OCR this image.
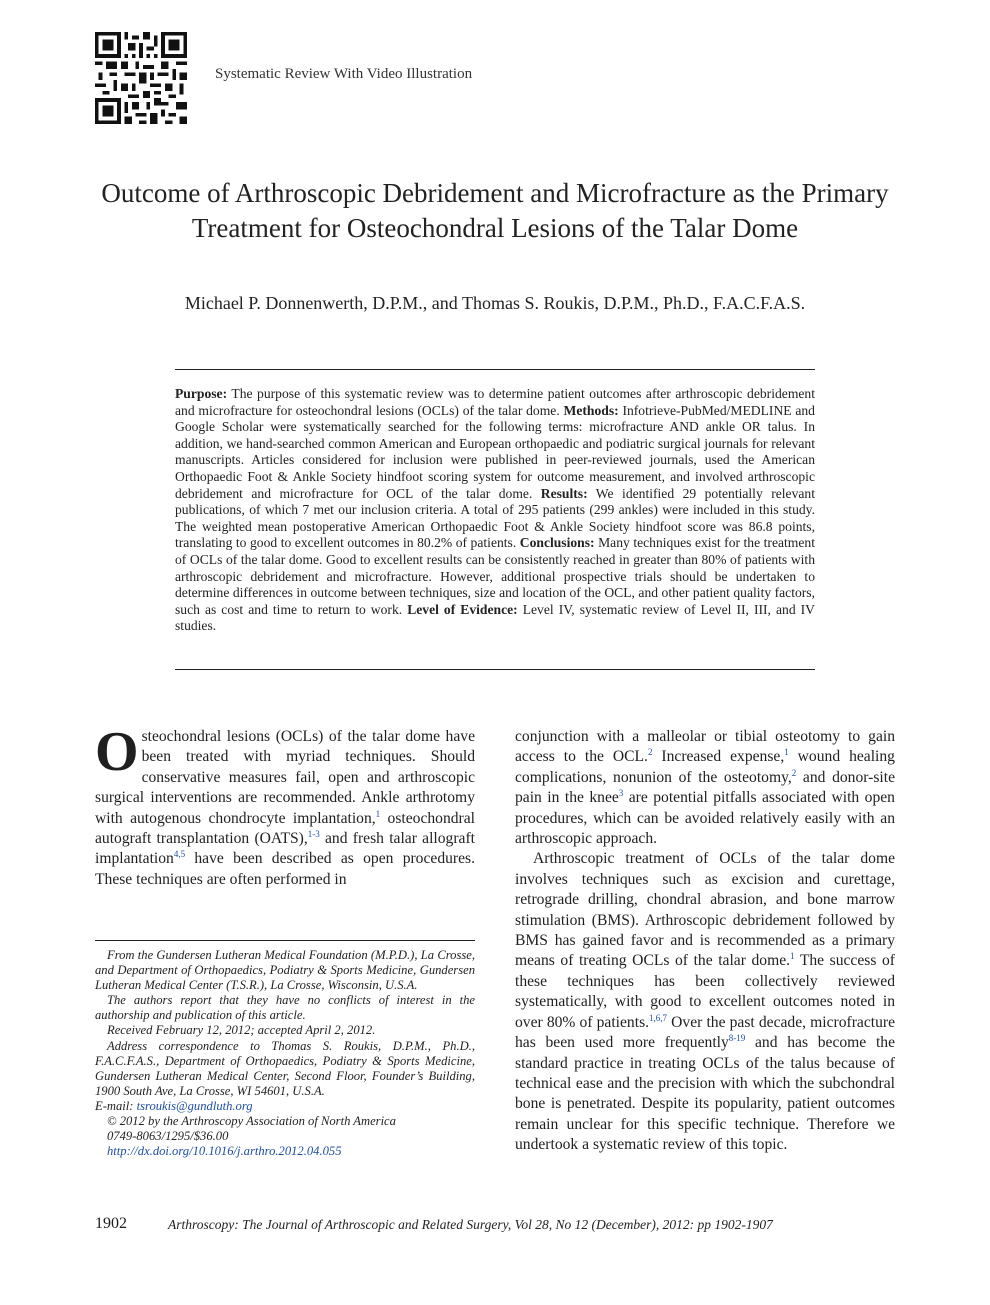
Systematic Review With Video Illustration
Outcome of Arthroscopic Debridement and Microfracture as the Primary Treatment for Osteochondral Lesions of the Talar Dome
Michael P. Donnenwerth, D.P.M., and Thomas S. Roukis, D.P.M., Ph.D., F.A.C.F.A.S.
Purpose: The purpose of this systematic review was to determine patient outcomes after arthroscopic debridement and microfracture for osteochondral lesions (OCLs) of the talar dome. Methods: Infotrieve-PubMed/MEDLINE and Google Scholar were systematically searched for the following terms: microfracture AND ankle OR talus. In addition, we hand-searched common American and European orthopaedic and podiatric surgical journals for relevant manuscripts. Articles considered for inclusion were published in peer-reviewed journals, used the American Orthopaedic Foot & Ankle Society hindfoot scoring system for outcome measurement, and involved arthroscopic debridement and microfracture for OCL of the talar dome. Results: We identified 29 potentially relevant publications, of which 7 met our inclusion criteria. A total of 295 patients (299 ankles) were included in this study. The weighted mean postoperative American Orthopaedic Foot & Ankle Society hindfoot score was 86.8 points, translating to good to excellent outcomes in 80.2% of patients. Conclusions: Many techniques exist for the treatment of OCLs of the talar dome. Good to excellent results can be consistently reached in greater than 80% of patients with arthroscopic debridement and microfracture. However, additional prospective trials should be undertaken to determine differences in outcome between techniques, size and location of the OCL, and other patient quality factors, such as cost and time to return to work. Level of Evidence: Level IV, systematic review of Level II, III, and IV studies.

Osteochondral lesions (OCLs) of the talar dome have been treated with myriad techniques. Should conservative measures fail, open and arthroscopic surgical interventions are recommended. Ankle arthrotomy with autogenous chondrocyte implantation,$^1$ osteochondral autograft transplantation (OATS),$^{1-3}$ and fresh talar allograft implantation$^{4,5}$ have been described as open procedures. These techniques are often performed in

conjunction with a malleolar or tibial osteotomy to gain access to the OCL.$^2$ Increased expense,$^1$ wound healing complications, nonunion of the osteotomy,$^2$ and donor-site pain in the knee$^3$ are potential pitfalls associated with open procedures, which can be avoided relatively easily with an arthroscopic approach.

Arthroscopic treatment of OCLs of the talar dome involves techniques such as excision and curettage, retrograde drilling, chondral abrasion, and bone marrow stimulation (BMS). Arthroscopic debridement followed by BMS has gained favor and is recommended as a primary means of treating OCLs of the talar dome.$^1$ The success of these techniques has been collectively reviewed systematically, with good to excellent outcomes noted in over 80% of patients.$^{1,6,7}$ Over the past decade, microfracture has been used more frequently$^{8-19}$ and has become the standard practice in treating OCLs of the talus because of technical ease and the precision with which the subchondral bone is penetrated. Despite its popularity, patient outcomes remain unclear for this specific technique. Therefore we undertook a systematic review of this topic.

From the Gundersen Lutheran Medical Foundation (M.P.D.), La Crosse, and Department of Orthopaedics, Podiatry & Sports Medicine, Gundersen Lutheran Medical Center (T.S.R.), La Crosse, Wisconsin, U.S.A.

The authors report that they have no conflicts of interest in the authorship and publication of this article.

Received February 12, 2012; accepted April 2, 2012.

Address correspondence to Thomas S. Roukis, D.P.M., Ph.D., F.A.C.F.A.S., Department of Orthopaedics, Podiatry & Sports Medicine, Gundersen Lutheran Medical Center, Second Floor, Founder’s Building, 1900 South Ave, La Crosse, WI 54601, U.S.A.

E-mail: tsroukis@gundluth.org

© 2012 by the Arthroscopy Association of North America

0749-8063/1295/$36.00

http://dx.doi.org/10.1016/j.arthro.2012.04.055

1902	Arthroscopy: The Journal of Arthroscopic and Related Surgery, Vol 28, No 12 (December), 2012: pp 1902-1907
